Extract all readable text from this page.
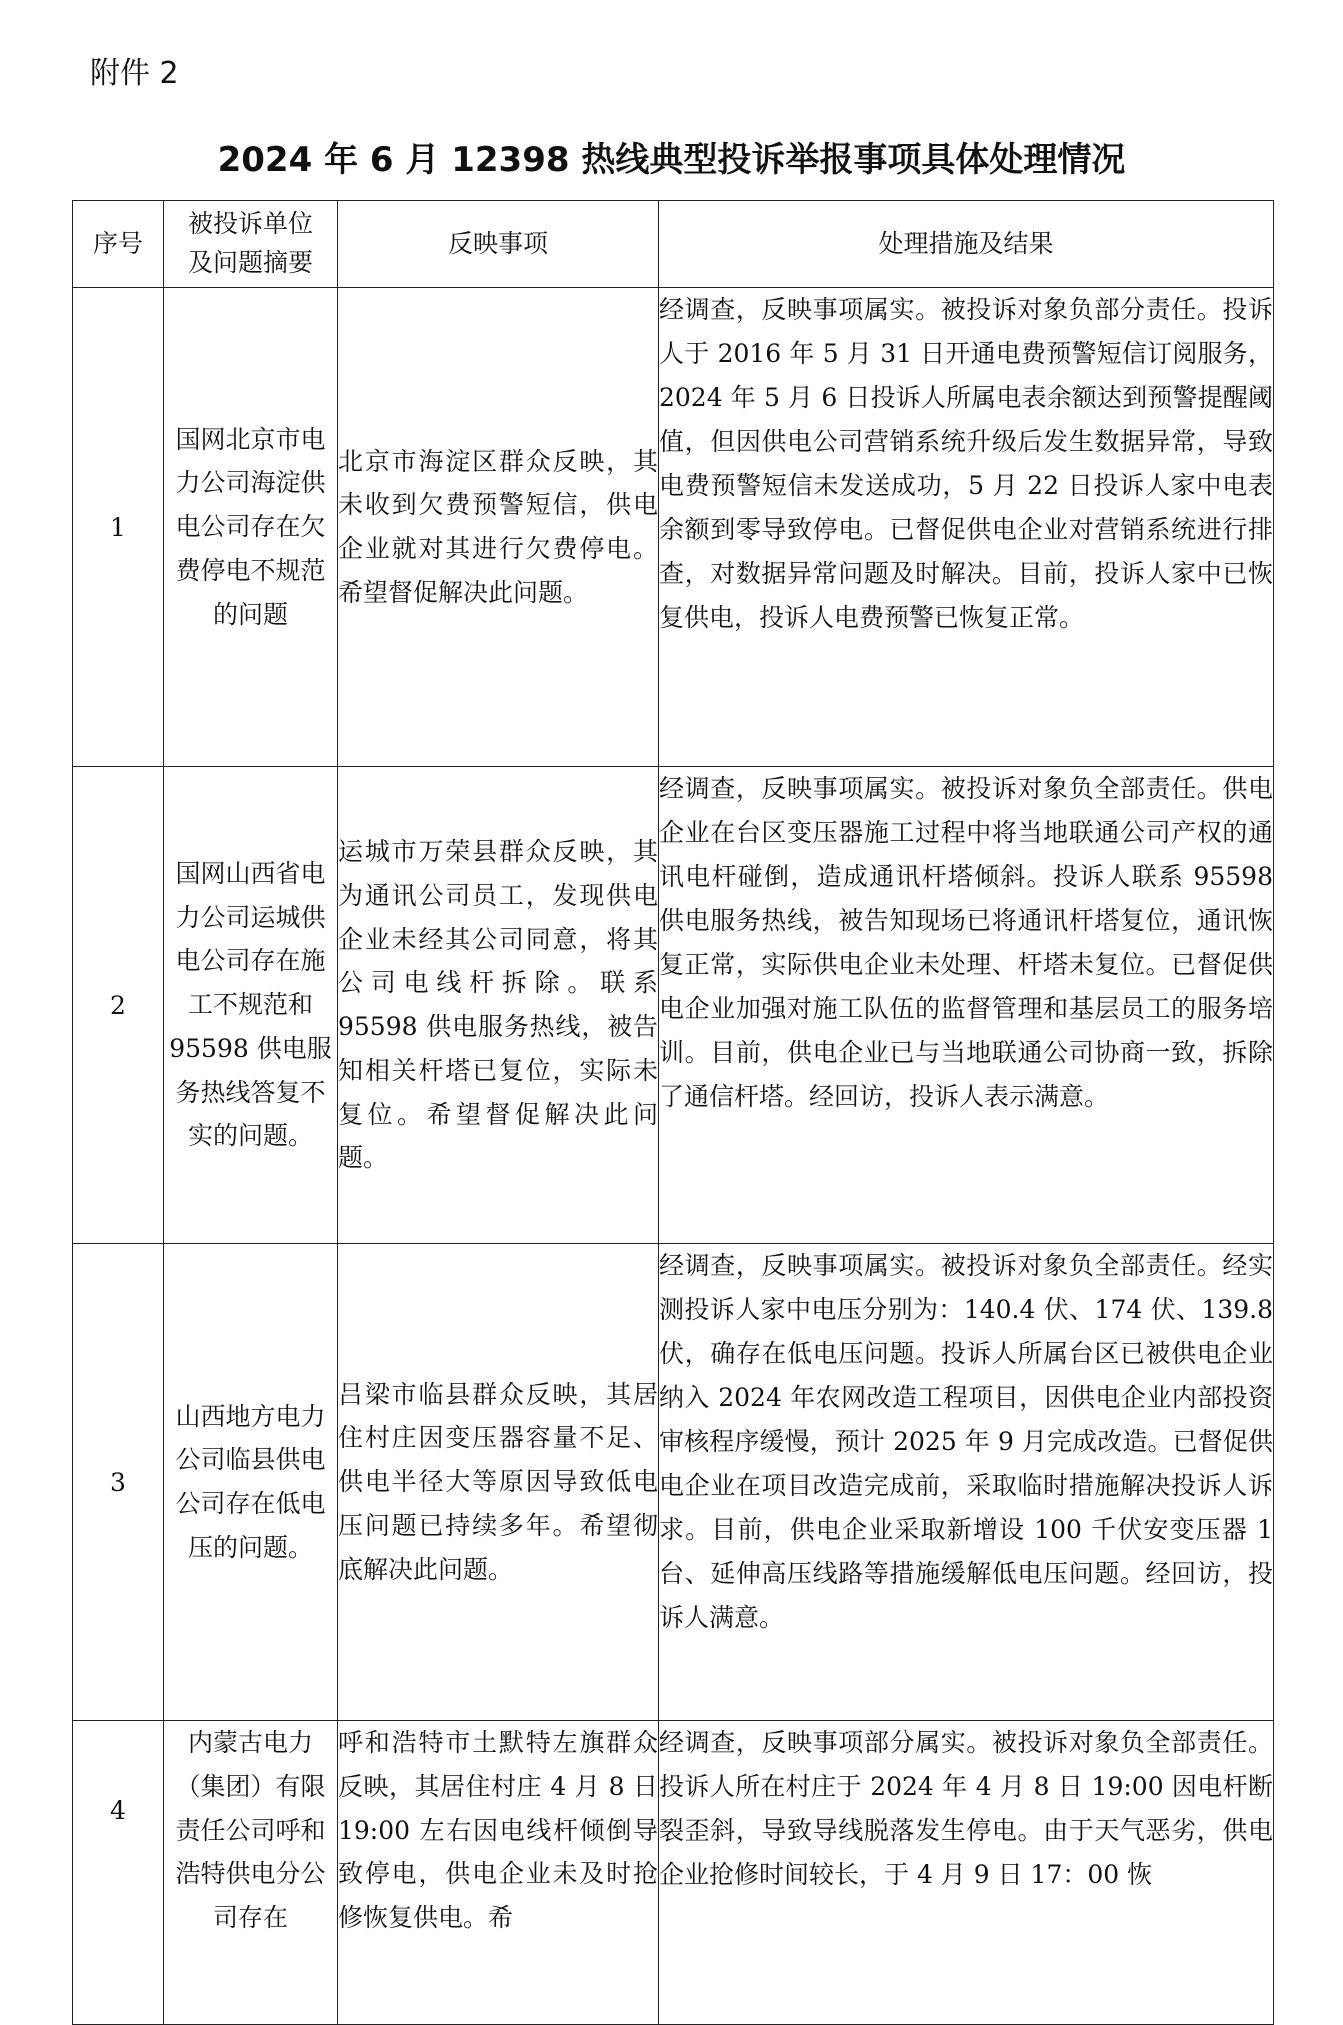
附件 2
2024 年 6 月 12398 热线典型投诉举报事项具体处理情况
序号	被投诉单位及问题摘要	反映事项	处理措施及结果
1	国网北京市电力公司海淀供电公司存在欠费停电不规范的问题	北京市海淀区群众反映，其未收到欠费预警短信，供电企业就对其进行欠费停电。希望督促解决此问题。	经调查，反映事项属实。被投诉对象负部分责任。投诉人于 2016 年 5 月 31 日开通电费预警短信订阅服务，2024 年 5 月 6 日投诉人所属电表余额达到预警提醒阈值，但因供电公司营销系统升级后发生数据异常，导致电费预警短信未发送成功，5 月 22 日投诉人家中电表余额到零导致停电。已督促供电企业对营销系统进行排查，对数据异常问题及时解决。目前，投诉人家中已恢复供电，投诉人电费预警已恢复正常。
2	国网山西省电力公司运城供电公司存在施工不规范和 95598 供电服务热线答复不实的问题。	运城市万荣县群众反映，其为通讯公司员工，发现供电企业未经其公司同意，将其公司电线杆拆除。联系 95598 供电服务热线，被告知相关杆塔已复位，实际未复位。希望督促解决此问题。	经调查，反映事项属实。被投诉对象负全部责任。供电企业在台区变压器施工过程中将当地联通公司产权的通讯电杆碰倒，造成通讯杆塔倾斜。投诉人联系 95598 供电服务热线，被告知现场已将通讯杆塔复位，通讯恢复正常，实际供电企业未处理、杆塔未复位。已督促供电企业加强对施工队伍的监督管理和基层员工的服务培训。目前，供电企业已与当地联通公司协商一致，拆除了通信杆塔。经回访，投诉人表示满意。
3	山西地方电力公司临县供电公司存在低电压的问题。	吕梁市临县群众反映，其居住村庄因变压器容量不足、供电半径大等原因导致低电压问题已持续多年。希望彻底解决此问题。	经调查，反映事项属实。被投诉对象负全部责任。经实测投诉人家中电压分别为：140.4 伏、174 伏、139.8 伏，确存在低电压问题。投诉人所属台区已被供电企业纳入 2024 年农网改造工程项目，因供电企业内部投资审核程序缓慢，预计 2025 年 9 月完成改造。已督促供电企业在项目改造完成前，采取临时措施解决投诉人诉求。目前，供电企业采取新增设 100 千伏安变压器 1 台、延伸高压线路等措施缓解低电压问题。经回访，投诉人满意。
4	内蒙古电力（集团）有限责任公司呼和浩特供电分公司存在	呼和浩特市土默特左旗群众反映，其居住村庄 4 月 8 日 19:00 左右因电线杆倾倒导致停电，供电企业未及时抢修恢复供电。希	经调查，反映事项部分属实。被投诉对象负全部责任。投诉人所在村庄于 2024 年 4 月 8 日 19:00 因电杆断裂歪斜，导致导线脱落发生停电。由于天气恶劣，供电企业抢修时间较长，于 4 月 9 日 17：00 恢
